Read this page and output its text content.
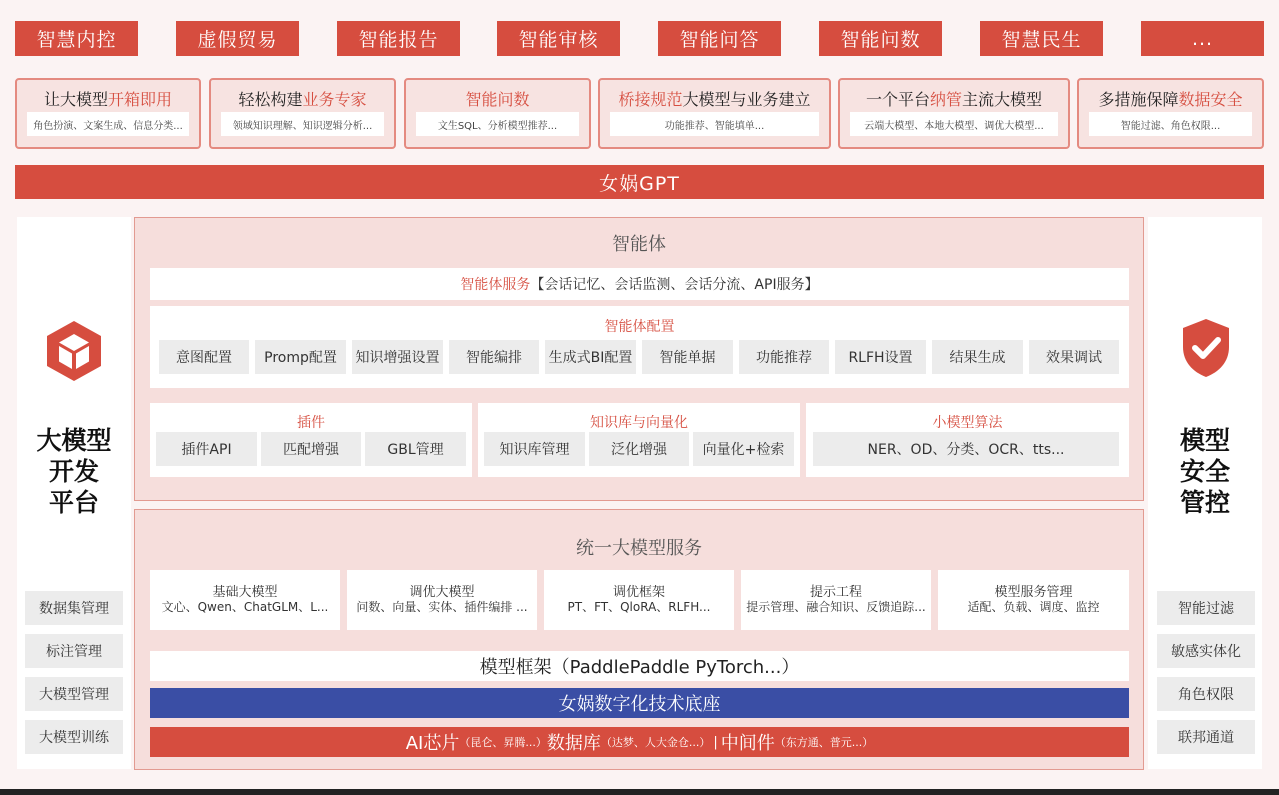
智慧内控	虚假贸易	智能报告	智能审核	智能问答	智能问数	智慧民生	...
让大模型开箱即用
角色扮演、文案生成、信息分类...
轻松构建业务专家
领域知识理解、知识逻辑分析...
智能问数
文生SQL、分析模型推荐...
桥接规范大模型与业务建立
功能推荐、智能填单...
一个平台纳管主流大模型
云端大模型、本地大模型、调优大模型...
多措施保障数据安全
智能过滤、角色权限...
女娲GPT
大模型
开发
平台
数据集管理
标注管理
大模型管理
大模型训练
模型
安全
管控
智能过滤
敏感实体化
角色权限
联邦通道
智能体
智能体服务 【会话记忆、会话监测、会话分流、API服务】
智能体配置
意图配置	Promp配置	知识增强设置	智能编排	生成式BI配置	智能单据	功能推荐	RLFH设置	结果生成	效果调试
插件
插件API	匹配增强	GBL管理
知识库与向量化
知识库管理	泛化增强	向量化+检索
小模型算法
NER、OD、分类、OCR、tts...
统一大模型服务
基础大模型
文心、Qwen、ChatGLM、L...
调优大模型
问数、向量、实体、插件编排 ...
调优框架
PT、FT、QloRA、RLFH...
提示工程
提示管理、融合知识、反馈追踪...
模型服务管理
适配、负载、调度、监控
模型框架（PaddlePaddle PyTorch...）
女娲数字化技术底座
AI芯片 （昆仑、昇腾...） 数据库 （达梦、人大金仓...） | 中间件 （东方通、普元...）
